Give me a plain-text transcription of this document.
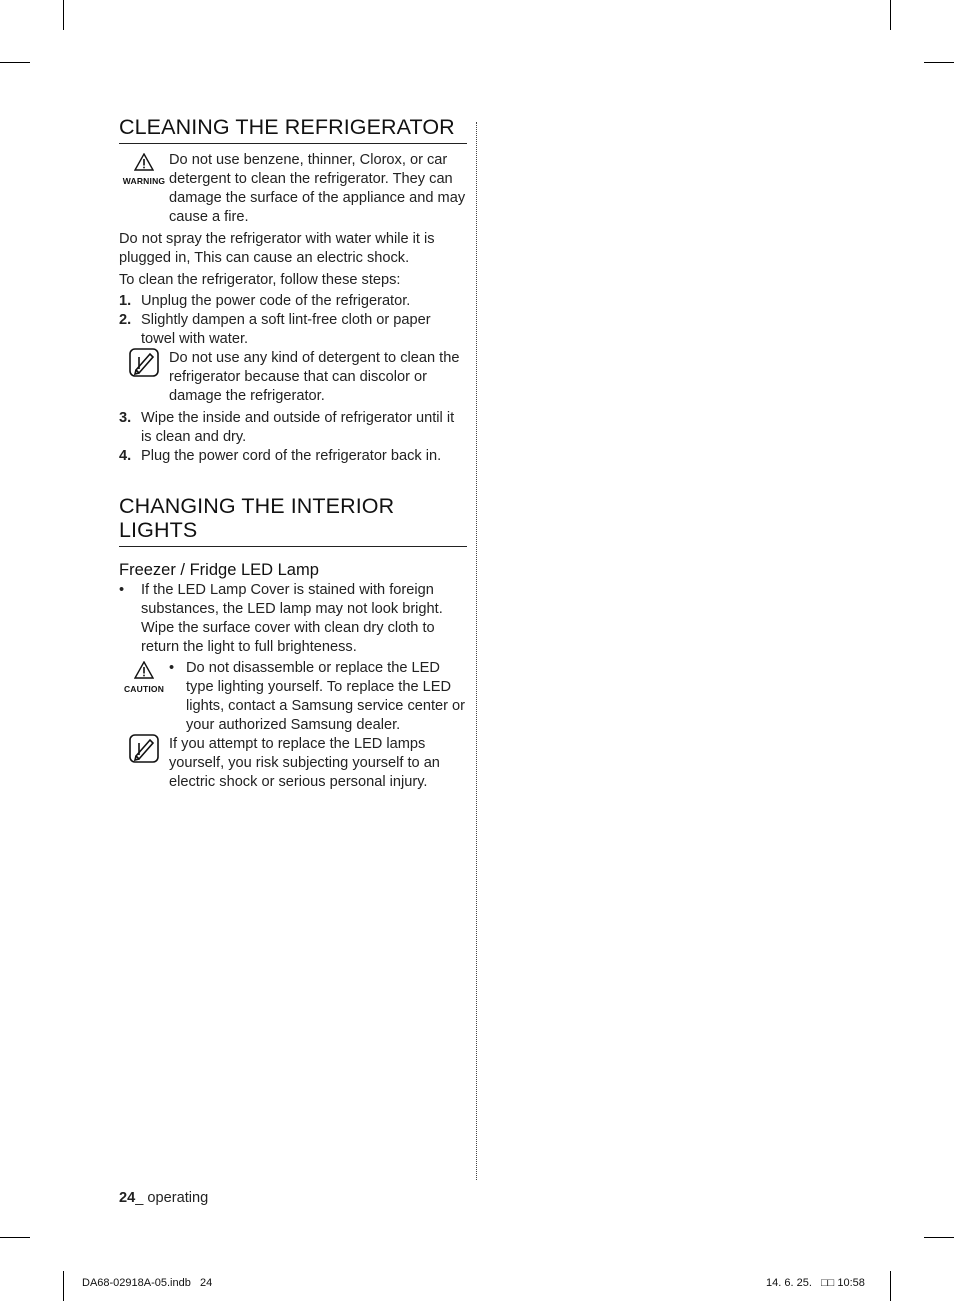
CLEANING THE REFRIGERATOR
WARNING
Do not use benzene, thinner, Clorox, or car detergent to clean the refrigerator. They can damage the surface of the appliance and may cause a fire.

Do not spray the refrigerator with water while it is plugged in, This can cause an electric shock.

To clean the refrigerator, follow these steps:

1. Unplug the power code of the refrigerator.
2. Slightly dampen a soft lint-free cloth or paper towel with water.
Do not use any kind of detergent to clean the refrigerator because that can discolor or damage the refrigerator.
3. Wipe the inside and outside of refrigerator until it is clean and dry.
4. Plug the power cord of the refrigerator back in.
CHANGING THE INTERIOR LIGHTS
Freezer / Fridge LED Lamp
• If the LED Lamp Cover is stained with foreign substances, the LED lamp may not look bright. Wipe the surface cover with clean dry cloth to return the light to full brighteness.
CAUTION
• Do not disassemble or replace the LED type lighting yourself. To replace the LED lights, contact a Samsung service center or your authorized Samsung dealer.
If you attempt to replace the LED lamps yourself, you risk subjecting yourself to an electric shock or serious personal injury.
24_ operating
DA68-02918A-05.indb   24	14. 6. 25.   □□ 10:58
